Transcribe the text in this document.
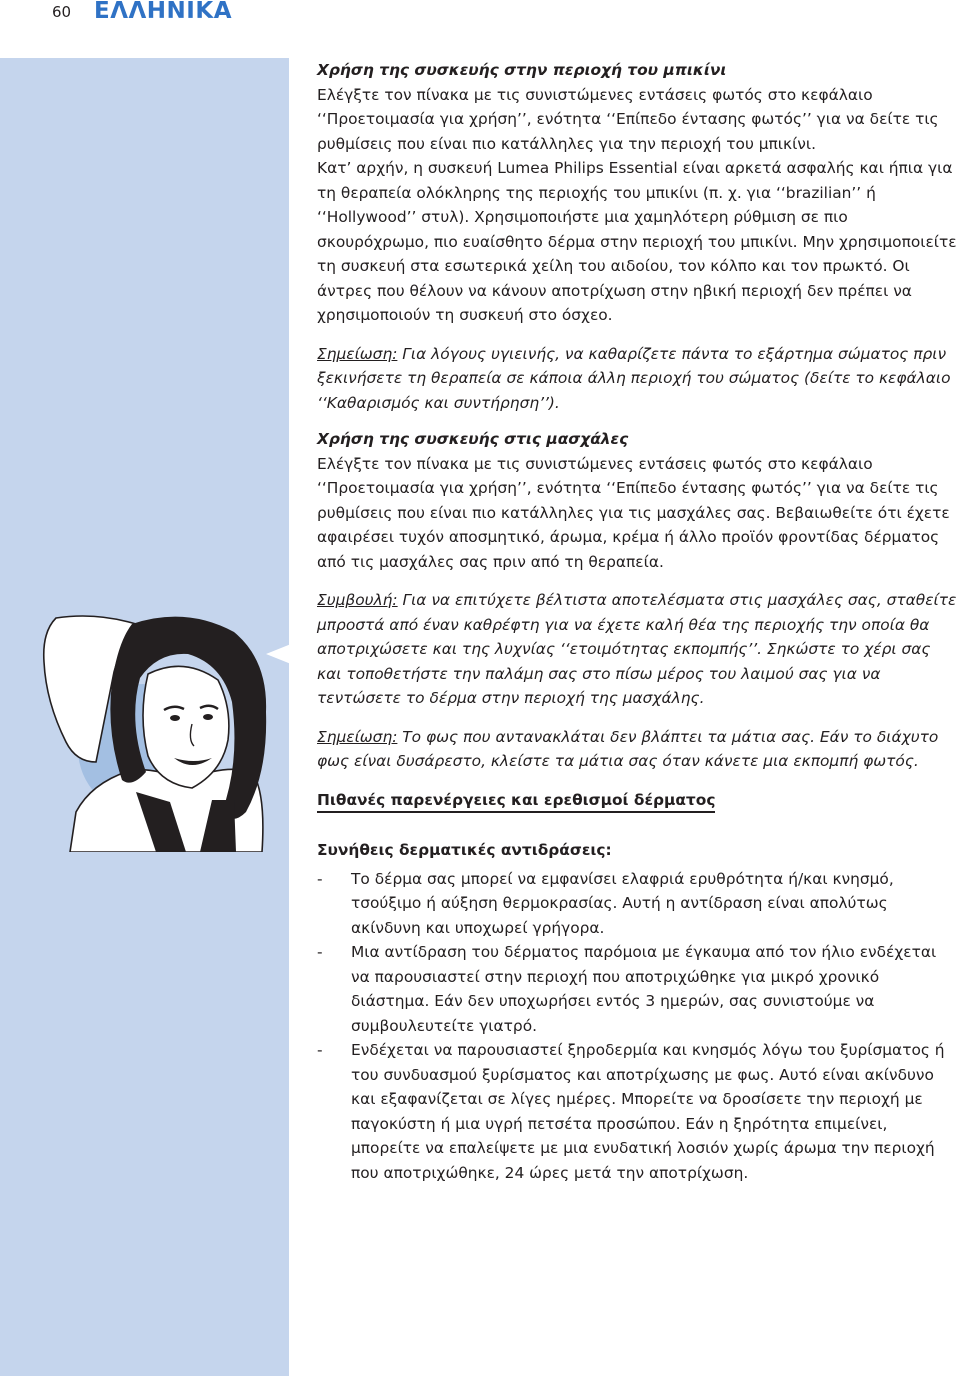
60 ΕΛΛΗΝΙΚΑ

Χρήση της συσκευής στην περιοχή του μπικίνι

Ελέγξτε τον πίνακα με τις συνιστώμενες εντάσεις φωτός στο κεφάλαιο ‘‘Προετοιμασία για χρήση’’, ενότητα ‘‘Επίπεδο έντασης φωτός’’ για να δείτε τις ρυθμίσεις που είναι πιο κατάλληλες για την περιοχή του μπικίνι.

Κατ’ αρχήν, η συσκευή Lumea Philips Essential είναι αρκετά ασφαλής και ήπια για τη θεραπεία ολόκληρης της περιοχής του μπικίνι (π. χ. για ‘‘brazilian’’ ή ‘‘Hollywood’’ στυλ). Χρησιμοποιήστε μια χαμηλότερη ρύθμιση σε πιο σκουρόχρωμο, πιο ευαίσθητο δέρμα στην περιοχή του μπικίνι. Μην χρησιμοποιείτε τη συσκευή στα εσωτερικά χείλη του αιδοίου, τον κόλπο και τον πρωκτό. Οι άντρες που θέλουν να κάνουν αποτρίχωση στην ηβική περιοχή δεν πρέπει να χρησιμοποιούν τη συσκευή στο όσχεο.

Σημείωση: Για λόγους υγιεινής, να καθαρίζετε πάντα το εξάρτημα σώματος πριν ξεκινήσετε τη θεραπεία σε κάποια άλλη περιοχή του σώματος (δείτε το κεφάλαιο ‘‘Καθαρισμός και συντήρηση’’).

Χρήση της συσκευής στις μασχάλες

Ελέγξτε τον πίνακα με τις συνιστώμενες εντάσεις φωτός στο κεφάλαιο ‘‘Προετοιμασία για χρήση’’, ενότητα ‘‘Επίπεδο έντασης φωτός’’ για να δείτε τις ρυθμίσεις που είναι πιο κατάλληλες για τις μασχάλες σας. Βεβαιωθείτε ότι έχετε αφαιρέσει τυχόν αποσμητικό, άρωμα, κρέμα ή άλλο προϊόν φροντίδας δέρματος από τις μασχάλες σας πριν από τη θεραπεία.

Συμβουλή: Για να επιτύχετε βέλτιστα αποτελέσματα στις μασχάλες σας, σταθείτε μπροστά από έναν καθρέφτη για να έχετε καλή θέα της περιοχής την οποία θα αποτριχώσετε και της λυχνίας ‘‘ετοιμότητας εκπομπής’’. Σηκώστε το χέρι σας και τοποθετήστε την παλάμη σας στο πίσω μέρος του λαιμού σας για να τεντώσετε το δέρμα στην περιοχή της μασχάλης.

Σημείωση: Το φως που αντανακλάται δεν βλάπτει τα μάτια σας. Εάν το διάχυτο φως είναι δυσάρεστο, κλείστε τα μάτια σας όταν κάνετε μια εκπομπή φωτός.

Πιθανές παρενέργειες και ερεθισμοί δέρματος

Συνήθεις δερματικές αντιδράσεις:

- Το δέρμα σας μπορεί να εμφανίσει ελαφριά ερυθρότητα ή/και κνησμό, τσούξιμο ή αύξηση θερμοκρασίας. Αυτή η αντίδραση είναι απολύτως ακίνδυνη και υποχωρεί γρήγορα.
- Μια αντίδραση του δέρματος παρόμοια με έγκαυμα από τον ήλιο ενδέχεται να παρουσιαστεί στην περιοχή που αποτριχώθηκε για μικρό χρονικό διάστημα. Εάν δεν υποχωρήσει εντός 3 ημερών, σας συνιστούμε να συμβουλευτείτε γιατρό.
- Ενδέχεται να παρουσιαστεί ξηροδερμία και κνησμός λόγω του ξυρίσματος ή του συνδυασμού ξυρίσματος και αποτρίχωσης με φως. Αυτό είναι ακίνδυνο και εξαφανίζεται σε λίγες ημέρες. Μπορείτε να δροσίσετε την περιοχή με παγοκύστη ή μια υγρή πετσέτα προσώπου. Εάν η ξηρότητα επιμείνει, μπορείτε να επαλείψετε με μια ενυδατική λοσιόν χωρίς άρωμα την περιοχή που αποτριχώθηκε, 24 ώρες μετά την αποτρίχωση.
